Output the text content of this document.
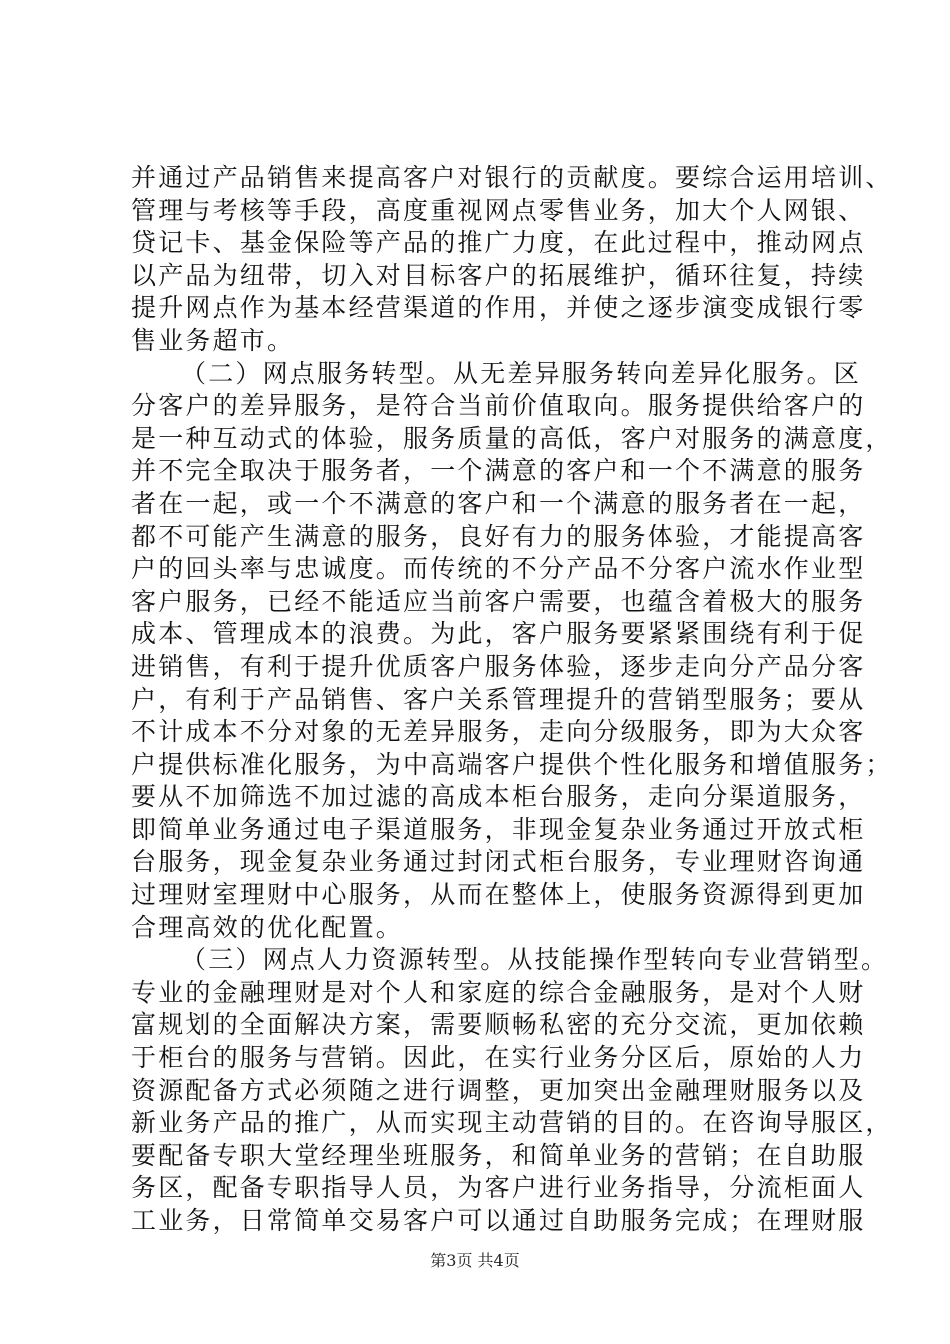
并通过产品销售来提高客户对银行的贡献度。要综合运用培训、
管理与考核等手段，高度重视网点零售业务，加大个人网银、
贷记卡、基金保险等产品的推广力度，在此过程中，推动网点
以产品为纽带，切入对目标客户的拓展维护，循环往复，持续
提升网点作为基本经营渠道的作用，并使之逐步演变成银行零
售业务超市。
（二）网点服务转型。从无差异服务转向差异化服务。区
分客户的差异服务，是符合当前价值取向。服务提供给客户的
是一种互动式的体验，服务质量的高低，客户对服务的满意度，
并不完全取决于服务者，一个满意的客户和一个不满意的服务
者在一起，或一个不满意的客户和一个满意的服务者在一起，
都不可能产生满意的服务，良好有力的服务体验，才能提高客
户的回头率与忠诚度。而传统的不分产品不分客户流水作业型
客户服务，已经不能适应当前客户需要，也蕴含着极大的服务
成本、管理成本的浪费。为此，客户服务要紧紧围绕有利于促
进销售，有利于提升优质客户服务体验，逐步走向分产品分客
户，有利于产品销售、客户关系管理提升的营销型服务；要从
不计成本不分对象的无差异服务，走向分级服务，即为大众客
户提供标准化服务，为中高端客户提供个性化服务和增值服务；
要从不加筛选不加过滤的高成本柜台服务，走向分渠道服务，
即简单业务通过电子渠道服务，非现金复杂业务通过开放式柜
台服务，现金复杂业务通过封闭式柜台服务，专业理财咨询通
过理财室理财中心服务，从而在整体上，使服务资源得到更加
合理高效的优化配置。
（三）网点人力资源转型。从技能操作型转向专业营销型。
专业的金融理财是对个人和家庭的综合金融服务，是对个人财
富规划的全面解决方案，需要顺畅私密的充分交流，更加依赖
于柜台的服务与营销。因此，在实行业务分区后，原始的人力
资源配备方式必须随之进行调整，更加突出金融理财服务以及
新业务产品的推广，从而实现主动营销的目的。在咨询导服区，
要配备专职大堂经理坐班服务，和简单业务的营销；在自助服
务区，配备专职指导人员，为客户进行业务指导，分流柜面人
工业务，日常简单交易客户可以通过自助服务完成；在理财服
第3页 共4页
